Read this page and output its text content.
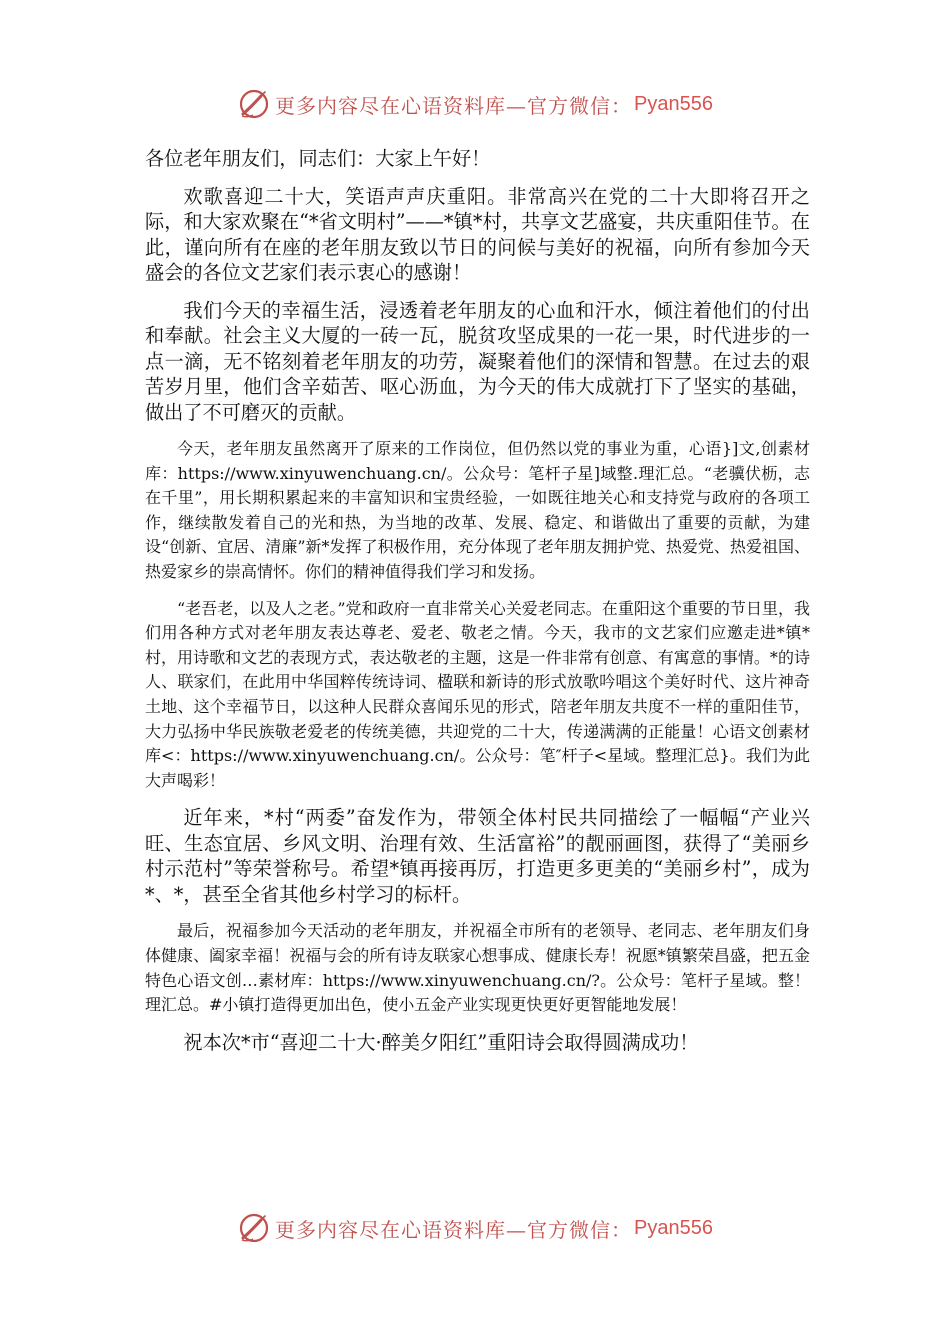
更多内容尽在心语资料库—官方微信： Pyan556

各位老年朋友们，同志们：大家上午好！

欢歌喜迎二十大，笑语声声庆重阳。非常高兴在党的二十大即将召开之际，和大家欢聚在“*省文明村”——*镇*村，共享文艺盛宴，共庆重阳佳节。在此，谨向所有在座的老年朋友致以节日的问候与美好的祝福，向所有参加今天盛会的各位文艺家们表示衷心的感谢！

我们今天的幸福生活，浸透着老年朋友的心血和汗水，倾注着他们的付出和奉献。社会主义大厦的一砖一瓦，脱贫攻坚成果的一花一果，时代进步的一点一滴，无不铭刻着老年朋友的功劳，凝聚着他们的深情和智慧。在过去的艰苦岁月里，他们含辛茹苦、呕心沥血，为今天的伟大成就打下了坚实的基础，做出了不可磨灭的贡献。

今天，老年朋友虽然离开了原来的工作岗位，但仍然以党的事业为重，心语}]文,创素材库：https://www.xinyuwenchuang.cn/。公众号：笔杆子星]域整.理汇总。“老骥伏枥，志在千里”，用长期积累起来的丰富知识和宝贵经验，一如既往地关心和支持党与政府的各项工作，继续散发着自己的光和热，为当地的改革、发展、稳定、和谐做出了重要的贡献，为建设“创新、宜居、清廉”新*发挥了积极作用，充分体现了老年朋友拥护党、热爱党、热爱祖国、热爱家乡的崇高情怀。你们的精神值得我们学习和发扬。

“老吾老，以及人之老。”党和政府一直非常关心关爱老同志。在重阳这个重要的节日里，我们用各种方式对老年朋友表达尊老、爱老、敬老之情。今天，我市的文艺家们应邀走进*镇*村，用诗歌和文艺的表现方式，表达敬老的主题，这是一件非常有创意、有寓意的事情。*的诗人、联家们，在此用中华国粹传统诗词、楹联和新诗的形式放歌吟唱这个美好时代、这片神奇土地、这个幸福节日，以这种人民群众喜闻乐见的形式，陪老年朋友共度不一样的重阳佳节，大力弘扬中华民族敬老爱老的传统美德，共迎党的二十大，传递满满的正能量！心语文创素材库<：https://www.xinyuwenchuang.cn/。公众号：笔″杆子<星域。整理汇总}。我们为此大声喝彩！

近年来，*村“两委”奋发作为，带领全体村民共同描绘了一幅幅“产业兴旺、生态宜居、乡风文明、治理有效、生活富裕”的靓丽画图，获得了“美丽乡村示范村”等荣誉称号。希望*镇再接再厉，打造更多更美的“美丽乡村”，成为*、*，甚至全省其他乡村学习的标杆。

最后，祝福参加今天活动的老年朋友，并祝福全市所有的老领导、老同志、老年朋友们身体健康、阖家幸福！祝福与会的所有诗友联家心想事成、健康长寿！祝愿*镇繁荣昌盛，把五金特色心语文创…素材库：https://www.xinyuwenchuang.cn/?。公众号：笔杆子星域。整！理汇总。#小镇打造得更加出色，使小五金产业实现更快更好更智能地发展！

祝本次*市“喜迎二十大·醉美夕阳红”重阳诗会取得圆满成功！

更多内容尽在心语资料库—官方微信： Pyan556
